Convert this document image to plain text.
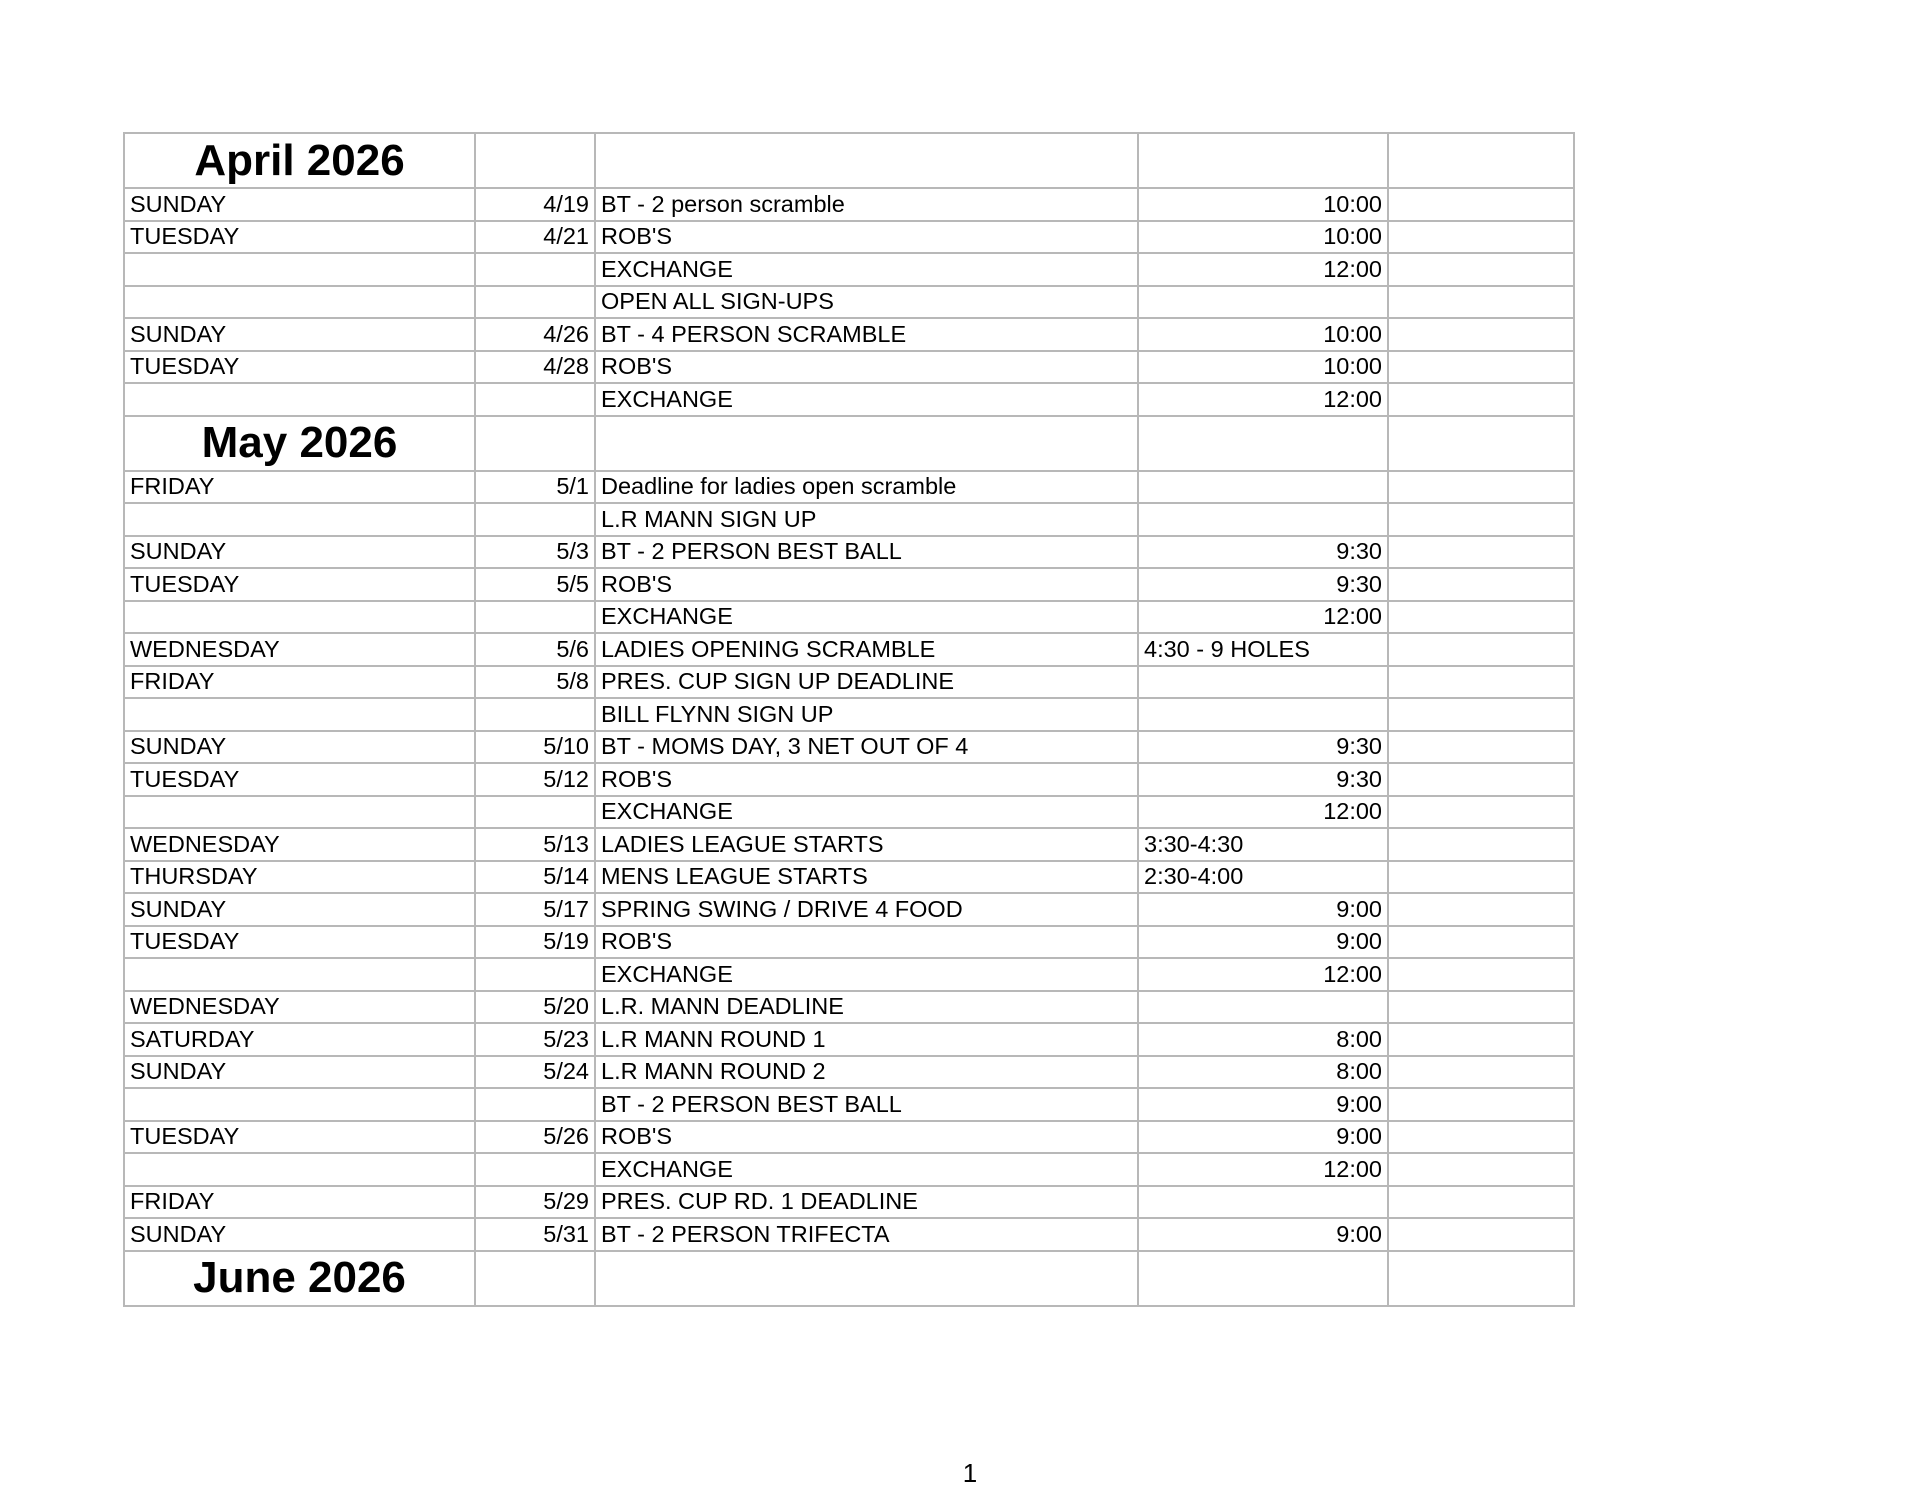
April 2026				
SUNDAY	4/19	BT - 2 person scramble	10:00	
TUESDAY	4/21	ROB'S	10:00	
		EXCHANGE	12:00	
		OPEN ALL SIGN-UPS		
SUNDAY	4/26	BT - 4 PERSON SCRAMBLE	10:00	
TUESDAY	4/28	ROB'S	10:00	
		EXCHANGE	12:00	
May 2026				
FRIDAY	5/1	Deadline for ladies open scramble		
		L.R MANN SIGN UP		
SUNDAY	5/3	BT - 2 PERSON BEST BALL	9:30	
TUESDAY	5/5	ROB'S	9:30	
		EXCHANGE	12:00	
WEDNESDAY	5/6	LADIES OPENING SCRAMBLE	4:30 - 9 HOLES	
FRIDAY	5/8	PRES. CUP SIGN UP DEADLINE		
		BILL FLYNN SIGN UP		
SUNDAY	5/10	BT - MOMS DAY, 3 NET OUT OF 4	9:30	
TUESDAY	5/12	ROB'S	9:30	
		EXCHANGE	12:00	
WEDNESDAY	5/13	LADIES LEAGUE STARTS	3:30-4:30	
THURSDAY	5/14	MENS LEAGUE STARTS	2:30-4:00	
SUNDAY	5/17	SPRING SWING / DRIVE 4 FOOD	9:00	
TUESDAY	5/19	ROB'S	9:00	
		EXCHANGE	12:00	
WEDNESDAY	5/20	L.R. MANN DEADLINE		
SATURDAY	5/23	L.R MANN ROUND 1	8:00	
SUNDAY	5/24	L.R MANN ROUND 2	8:00	
		BT - 2 PERSON BEST BALL	9:00	
TUESDAY	5/26	ROB'S	9:00	
		EXCHANGE	12:00	
FRIDAY	5/29	PRES. CUP RD. 1 DEADLINE		
SUNDAY	5/31	BT - 2 PERSON TRIFECTA	9:00	
June 2026				
1
